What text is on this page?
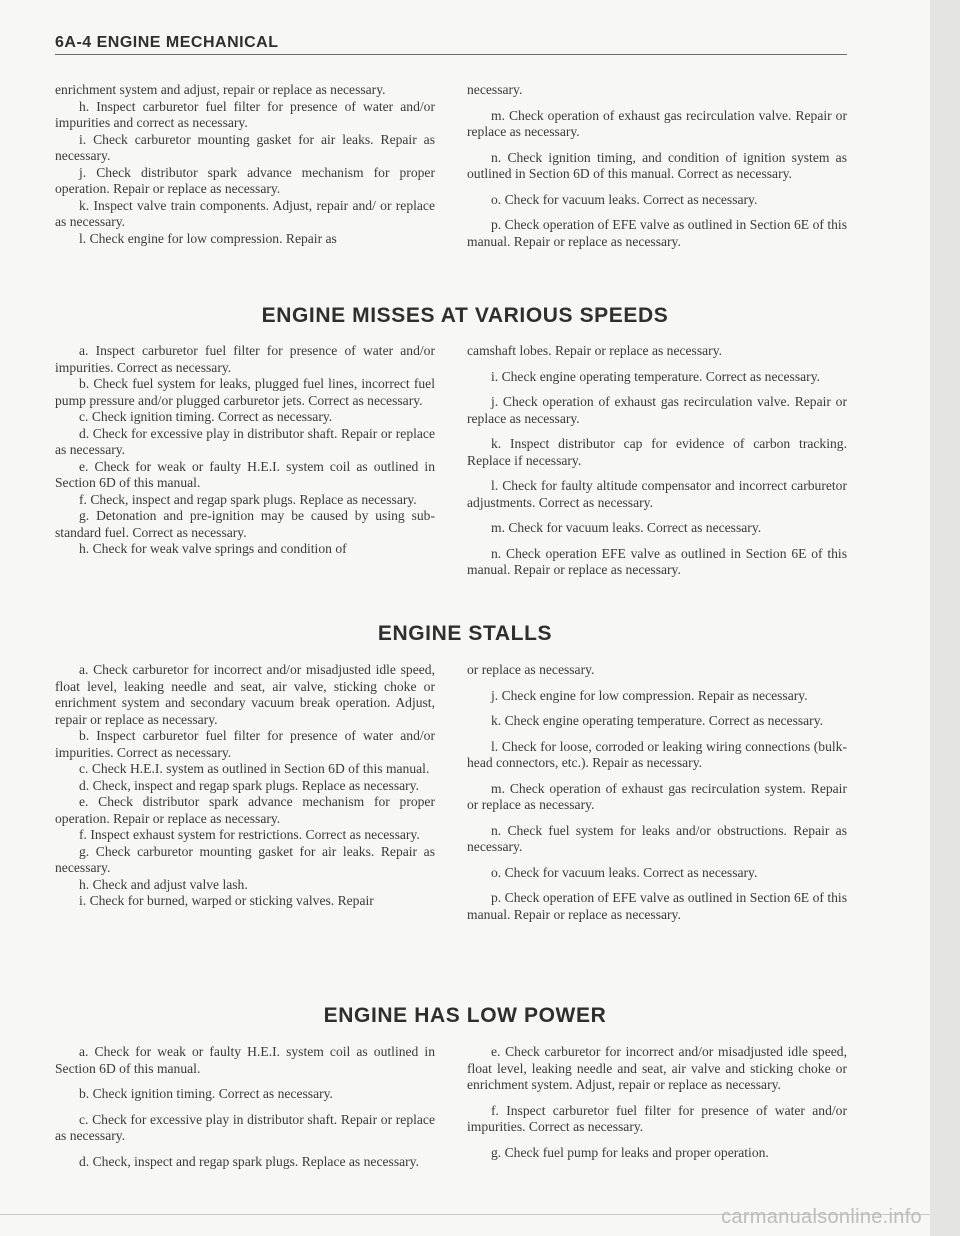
6A-4 ENGINE MECHANICAL

enrichment system and adjust, repair or replace as necessary.

h. Inspect carburetor fuel filter for presence of water and/or impurities and correct as necessary.

i. Check carburetor mounting gasket for air leaks. Repair as necessary.

j. Check distributor spark advance mechanism for proper operation. Repair or replace as necessary.

k. Inspect valve train components. Adjust, repair and/ or replace as necessary.

l. Check engine for low compression. Repair as

necessary.

m. Check operation of exhaust gas recirculation valve. Repair or replace as necessary.

n. Check ignition timing, and condition of ignition system as outlined in Section 6D of this manual. Correct as necessary.

o. Check for vacuum leaks. Correct as necessary.

p. Check operation of EFE valve as outlined in Section 6E of this manual. Repair or replace as necessary.

ENGINE MISSES AT VARIOUS SPEEDS

a. Inspect carburetor fuel filter for presence of water and/or impurities. Correct as necessary.

b. Check fuel system for leaks, plugged fuel lines, incorrect fuel pump pressure and/or plugged carburetor jets. Correct as necessary.

c. Check ignition timing. Correct as necessary.

d. Check for excessive play in distributor shaft. Repair or replace as necessary.

e. Check for weak or faulty H.E.I. system coil as outlined in Section 6D of this manual.

f. Check, inspect and regap spark plugs. Replace as necessary.

g. Detonation and pre-ignition may be caused by using sub-standard fuel. Correct as necessary.

h. Check for weak valve springs and condition of

camshaft lobes. Repair or replace as necessary.

i. Check engine operating temperature. Correct as necessary.

j. Check operation of exhaust gas recirculation valve. Repair or replace as necessary.

k. Inspect distributor cap for evidence of carbon tracking. Replace if necessary.

l. Check for faulty altitude compensator and incorrect carburetor adjustments. Correct as necessary.

m. Check for vacuum leaks. Correct as necessary.

n. Check operation EFE valve as outlined in Section 6E of this manual. Repair or replace as necessary.

ENGINE STALLS

a. Check carburetor for incorrect and/or misadjusted idle speed, float level, leaking needle and seat, air valve, sticking choke or enrichment system and secondary vacuum break operation. Adjust, repair or replace as necessary.

b. Inspect carburetor fuel filter for presence of water and/or impurities. Correct as necessary.

c. Check H.E.I. system as outlined in Section 6D of this manual.

d. Check, inspect and regap spark plugs. Replace as necessary.

e. Check distributor spark advance mechanism for proper operation. Repair or replace as necessary.

f. Inspect exhaust system for restrictions. Correct as necessary.

g. Check carburetor mounting gasket for air leaks. Repair as necessary.

h. Check and adjust valve lash.

i. Check for burned, warped or sticking valves. Repair

or replace as necessary.

j. Check engine for low compression. Repair as necessary.

k. Check engine operating temperature. Correct as necessary.

l. Check for loose, corroded or leaking wiring connections (bulk-head connectors, etc.). Repair as necessary.

m. Check operation of exhaust gas recirculation system. Repair or replace as necessary.

n. Check fuel system for leaks and/or obstructions. Repair as necessary.

o. Check for vacuum leaks. Correct as necessary.

p. Check operation of EFE valve as outlined in Section 6E of this manual. Repair or replace as necessary.

ENGINE HAS LOW POWER

a. Check for weak or faulty H.E.I. system coil as outlined in Section 6D of this manual.

b. Check ignition timing. Correct as necessary.

c. Check for excessive play in distributor shaft. Repair or replace as necessary.

d. Check, inspect and regap spark plugs. Replace as necessary.

e. Check carburetor for incorrect and/or misadjusted idle speed, float level, leaking needle and seat, air valve and sticking choke or enrichment system. Adjust, repair or replace as necessary.

f. Inspect carburetor fuel filter for presence of water and/or impurities. Correct as necessary.

g. Check fuel pump for leaks and proper operation.

carmanualsonline.info
